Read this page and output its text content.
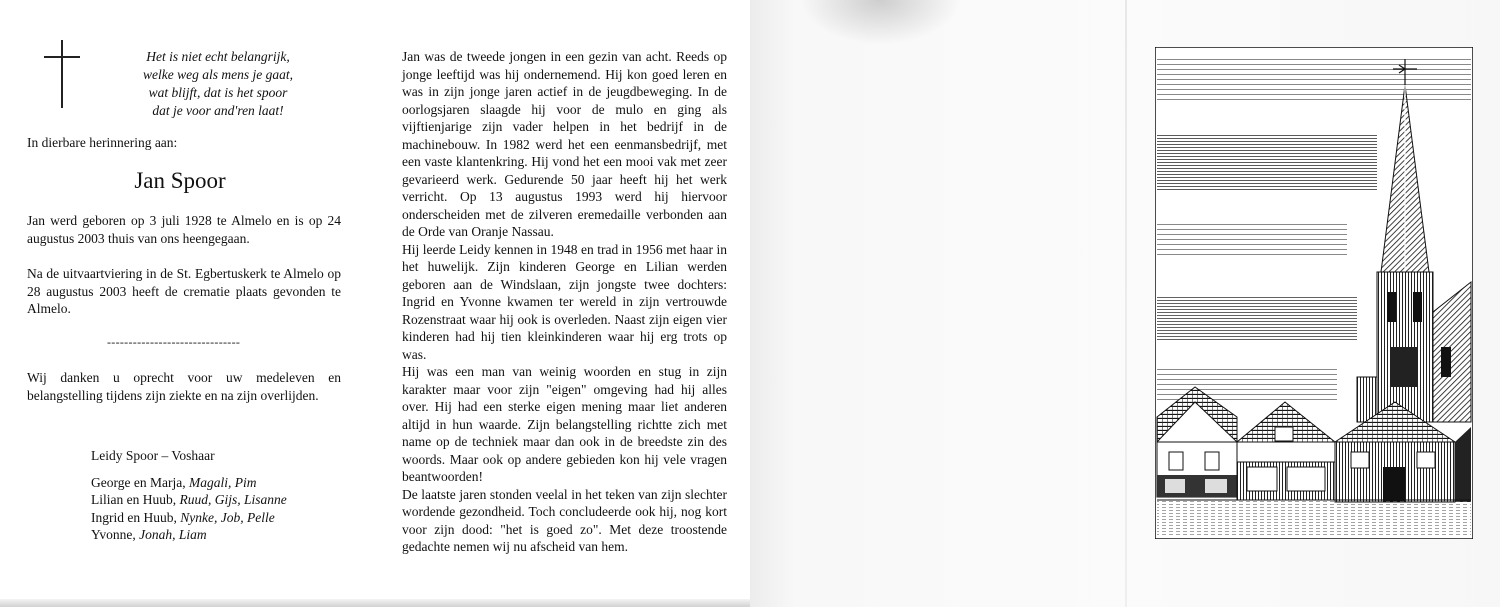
Het is niet echt belangrijk,
welke weg als mens je gaat,
wat blijft, dat is het spoor
dat je voor and'ren laat!
In dierbare herinnering aan:
Jan Spoor
Jan werd geboren op 3 juli 1928 te Almelo en is op 24 augustus 2003 thuis van ons heengegaan.
Na de uitvaartviering in de St. Egbertuskerk te Almelo op 28 augustus 2003 heeft de crematie plaats gevonden te Almelo.
-------------------------------
Wij danken u oprecht voor uw medeleven en belangstelling tijdens zijn ziekte en na zijn overlijden.
Leidy Spoor – Voshaar
George en Marja, Magali, Pim
Lilian en Huub, Ruud, Gijs, Lisanne
Ingrid en Huub, Nynke, Job, Pelle
Yvonne, Jonah, Liam
Jan was de tweede jongen in een gezin van acht. Reeds op jonge leeftijd was hij ondernemend. Hij kon goed leren en was in zijn jonge jaren actief in de jeugdbeweging. In de oorlogsjaren slaagde hij voor de mulo en ging als vijftienjarige zijn vader helpen in het bedrijf in de machinebouw. In 1982 werd het een eenmansbedrijf, met een vaste klantenkring. Hij vond het een mooi vak met zeer gevarieerd werk. Gedurende 50 jaar heeft hij het werk verricht. Op 13 augustus 1993 werd hij hiervoor onderscheiden met de zilveren eremedaille verbonden aan de Orde van Oranje Nassau.
Hij leerde Leidy kennen in 1948 en trad in 1956 met haar in het huwelijk. Zijn kinderen George en Lilian werden geboren aan de Windslaan, zijn jongste twee dochters: Ingrid en Yvonne kwamen ter wereld in zijn vertrouwde Rozenstraat waar hij ook is overleden. Naast zijn eigen vier kinderen had hij tien kleinkinderen waar hij erg trots op was.
Hij was een man van weinig woorden en stug in zijn karakter maar voor zijn "eigen" omgeving had hij alles over. Hij had een sterke eigen mening maar liet anderen altijd in hun waarde. Zijn belangstelling richtte zich met name op de techniek maar dan ook in de breedste zin des woords. Maar ook op andere gebieden kon hij vele vragen beantwoorden!
De laatste jaren stonden veelal in het teken van zijn slechter wordende gezondheid. Toch concludeerde ook hij, nog kort voor zijn dood: "het is goed zo". Met deze troostende gedachte nemen wij nu afscheid van hem.
